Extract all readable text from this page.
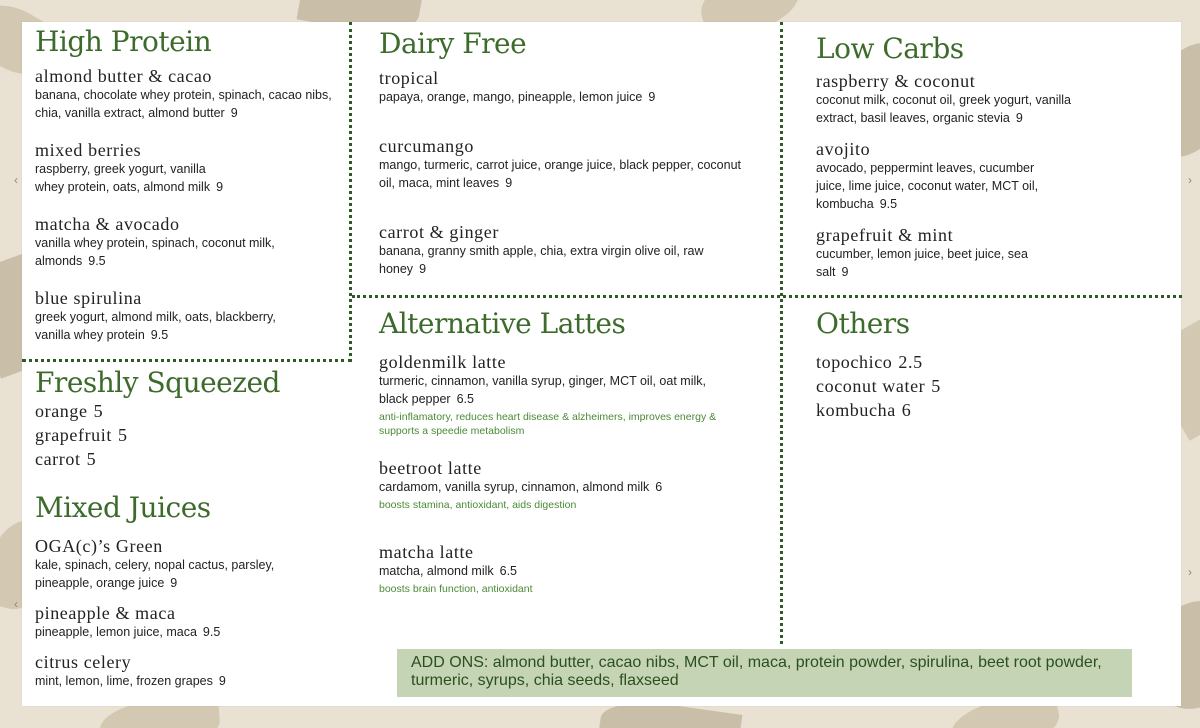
‹
‹
›
›
High Protein
almond butter & cacao
banana, chocolate whey protein, spinach, cacao nibs, chia, vanilla extract, almond butter 9
mixed berries
raspberry, greek yogurt, vanilla whey protein, oats, almond milk 9
matcha & avocado
vanilla whey protein, spinach, coconut milk, almonds 9.5
blue spirulina
greek yogurt, almond milk, oats, blackberry, vanilla whey protein 9.5
Freshly Squeezed
orange 5
grapefruit 5
carrot 5
Mixed Juices
OGA(c)’s Green
kale, spinach, celery, nopal cactus, parsley, pineapple, orange juice 9
pineapple & maca
pineapple, lemon juice, maca 9.5
citrus celery
mint, lemon, lime, frozen grapes 9
Dairy Free
tropical
papaya, orange, mango, pineapple, lemon juice 9
curcumango
mango, turmeric, carrot juice, orange juice, black pepper, coconut oil, maca, mint leaves 9
carrot & ginger
banana, granny smith apple, chia, extra virgin olive oil, raw honey 9
Alternative Lattes
goldenmilk latte
turmeric, cinnamon, vanilla syrup, ginger, MCT oil, oat milk, black pepper 6.5
anti-inflamatory, reduces heart disease & alzheimers, improves energy & supports a speedie metabolism
beetroot latte
cardamom, vanilla syrup, cinnamon, almond milk 6
boosts stamina, antioxidant, aids digestion
matcha latte
matcha, almond milk 6.5
boosts brain function, antioxidant
Low Carbs
raspberry & coconut
coconut milk, coconut oil, greek yogurt, vanilla extract, basil leaves, organic stevia 9
avojito
avocado, peppermint leaves, cucumber juice, lime juice, coconut water, MCT oil, kombucha 9.5
grapefruit & mint
cucumber, lemon juice, beet juice, sea salt 9
Others
topochico 2.5
coconut water 5
kombucha 6
ADD ONS: almond butter, cacao nibs, MCT oil, maca, protein powder, spirulina, beet root powder, turmeric, syrups, chia seeds, flaxseed
